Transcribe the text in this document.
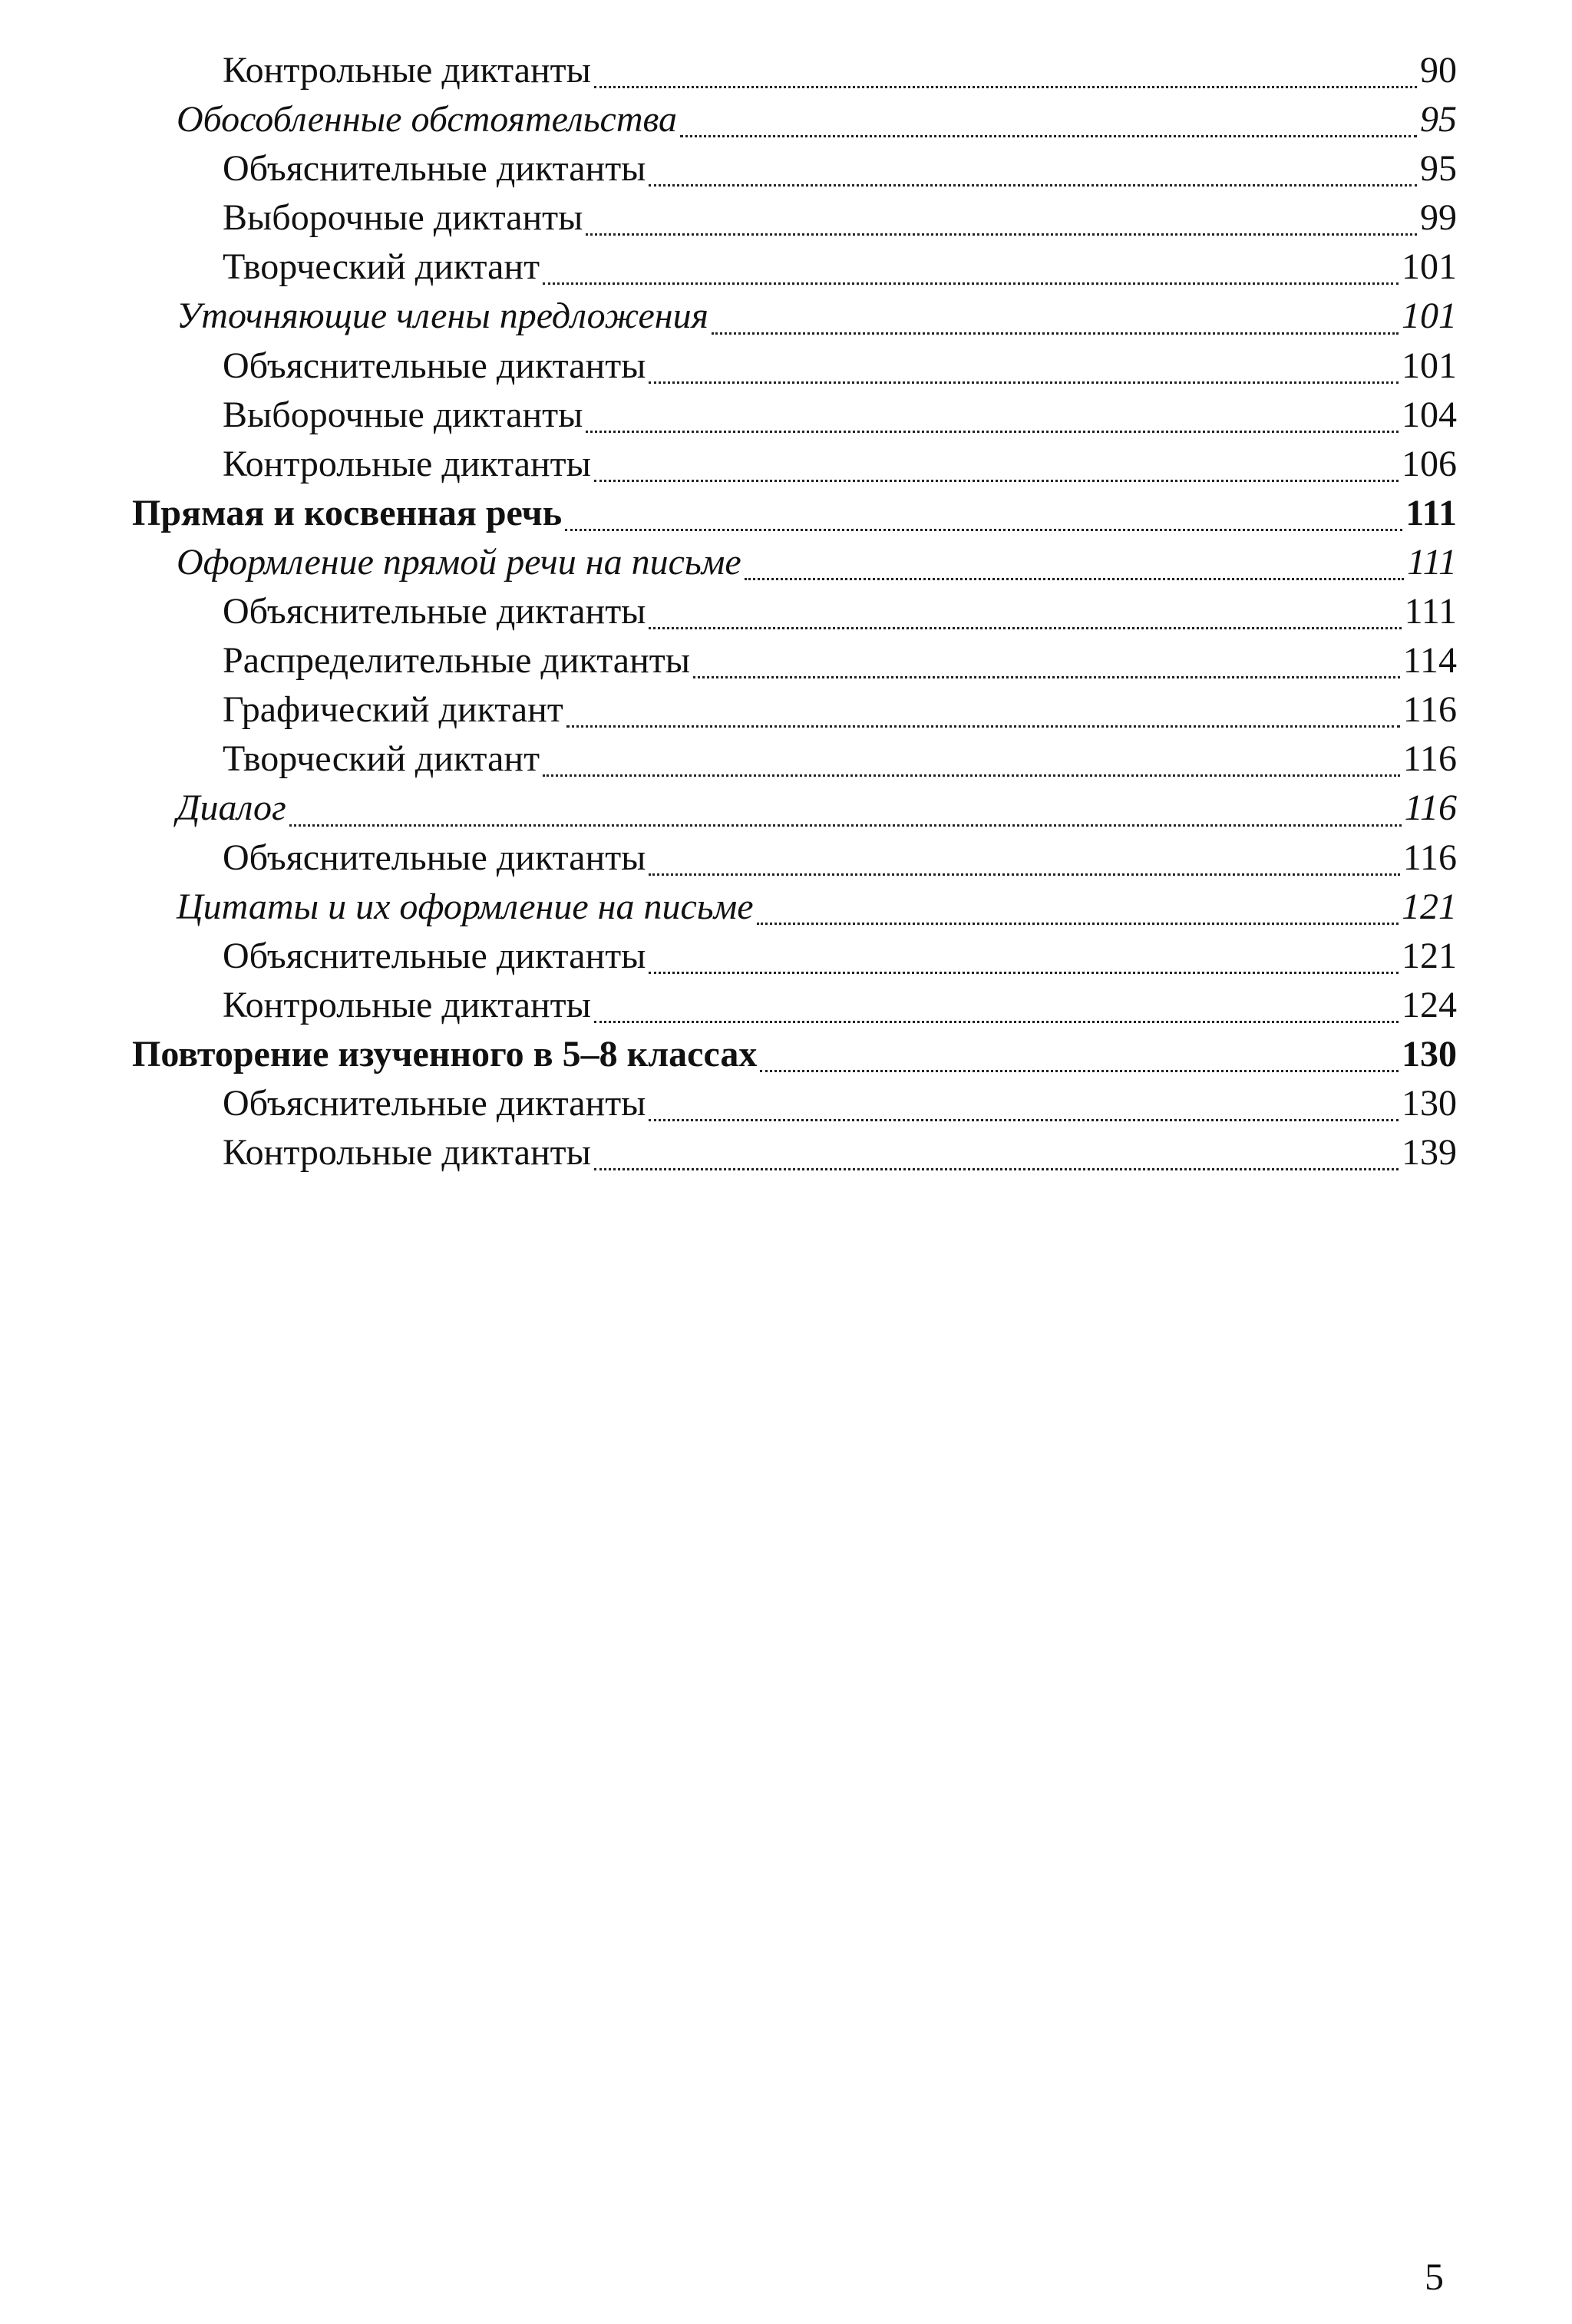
Контрольные диктанты	90
Обособленные обстоятельства	95
Объяснительные диктанты	95
Выборочные диктанты	99
Творческий диктант	101
Уточняющие члены предложения	101
Объяснительные диктанты	101
Выборочные диктанты	104
Контрольные диктанты	106
Прямая и косвенная речь	111
Оформление прямой речи на письме	111
Объяснительные диктанты	111
Распределительные диктанты	114
Графический диктант	116
Творческий диктант	116
Диалог	116
Объяснительные диктанты	116
Цитаты и их оформление на письме	121
Объяснительные диктанты	121
Контрольные диктанты	124
Повторение изученного в 5–8 классах	130
Объяснительные диктанты	130
Контрольные диктанты	139
5
